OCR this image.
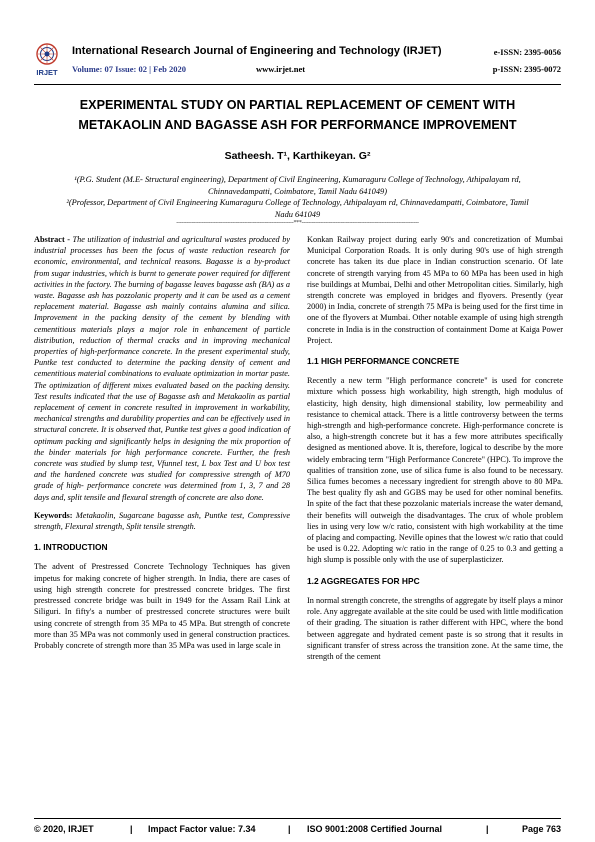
IRJET
International Research Journal of Engineering and Technology (IRJET)
Volume: 07 Issue: 02 | Feb 2020	www.irjet.net
e-ISSN: 2395-0056
p-ISSN: 2395-0072
EXPERIMENTAL STUDY ON PARTIAL REPLACEMENT OF CEMENT WITH
METAKAOLIN AND BAGASSE ASH FOR PERFORMANCE IMPROVEMENT
Satheesh. T¹, Karthikeyan. G²
¹(P.G. Student (M.E- Structural engineering), Department of Civil Engineering, Kumaraguru College of Technology, Athipalayam rd, Chinnavedampatti, Coimbatore, Tamil Nadu 641049)
²(Professor, Department of Civil Engineering Kumaraguru College of Technology, Athipalayam rd, Chinnavedampatti, Coimbatore, Tamil Nadu 641049
---------------------------------------------------------------------***---------------------------------------------------------------------

Abstract - The utilization of industrial and agricultural wastes produced by industrial processes has been the focus of waste reduction research for economic, environmental, and technical reasons. Bagasse is a by-product from sugar industries, which is burnt to generate power required for different activities in the factory. The burning of bagasse leaves bagasse ash (BA) as a waste. Bagasse ash has pozzolanic property and it can be used as a cement replacement material. Bagasse ash mainly contains alumina and silica. Improvement in the packing density of the cement by blending with cementitious materials plays a major role in enhancement of particle distribution, reduction of thermal cracks and in improving mechanical properties of high-performance concrete. In the present experimental study, Puntke test conducted to determine the packing density of cement and cementitious material combinations to evaluate optimization in mortar paste. The optimization of different mixes evaluated based on the packing density. Test results indicated that the use of Bagasse ash and Metakaolin as partial replacement of cement in concrete resulted in improvement in workability, mechanical strengths and durability properties and can be effectively used in structural concrete. It is observed that, Puntke test gives a good indication of optimum packing and significantly helps in designing the mix proportion of the binder materials for high performance concrete. Further, the fresh concrete was studied by slump test, Vfunnel test, L box Test and U box test and the hardened concrete was studied for compressive strength of M70 grade of high- performance concrete was determined from 1, 3, 7 and 28 days and, split tensile and flexural strength of concrete are also done.

Keywords: Metakaolin, Sugarcane bagasse ash, Puntke test, Compressive strength, Flexural strength, Split tensile strength.

1. INTRODUCTION

The advent of Prestressed Concrete Technology Techniques has given impetus for making concrete of higher strength. In India, there are cases of using high strength concrete for prestressed concrete bridges. The first prestressed concrete bridge was built in 1949 for the Assam Rail Link at Siliguri. In fifty's a number of prestressed concrete structures were built using concrete of strength from 35 MPa to 45 MPa. But strength of concrete more than 35 MPa was not commonly used in general construction practices. Probably concrete of strength more than 35 MPa was used in large scale in

Konkan Railway project during early 90's and concretization of Mumbai Municipal Corporation Roads. It is only during 90's use of high strength concrete has taken its due place in Indian construction scenario. Of late concrete of strength varying from 45 MPa to 60 MPa has been used in high rise buildings at Mumbai, Delhi and other Metropolitan cities. Similarly, high strength concrete was employed in bridges and flyovers. Presently (year 2000) in India, concrete of strength 75 MPa is being used for the first time in one of the flyovers at Mumbai. Other notable example of using high strength concrete in India is in the construction of containment Dome at Kaiga Power Project.

1.1 HIGH PERFORMANCE CONCRETE

Recently a new term "High performance concrete" is used for concrete mixture which possess high workability, high strength, high modulus of elasticity, high density, high dimensional stability, low permeability and resistance to chemical attack. There is a little controversy between the terms high-strength and high-performance concrete. High-performance concrete is also, a high-strength concrete but it has a few more attributes specifically designed as mentioned above. It is, therefore, logical to describe by the more widely embracing term "High Performance Concrete" (HPC). To improve the qualities of transition zone, use of silica fume is also found to be necessary. Silica fumes becomes a necessary ingredient for strength above to 80 MPa. The best quality fly ash and GGBS may be used for other nominal benefits. In spite of the fact that these pozzolanic materials increase the water demand, their benefits will outweigh the disadvantages. The crux of whole problem lies in using very low w/c ratio, consistent with high workability at the time of placing and compacting. Neville opines that the lowest w/c ratio that could be used is 0.22. Adopting w/c ratio in the range of 0.25 to 0.3 and getting a high slump is possible only with the use of superplasticizer.

1.2 AGGREGATES FOR HPC

In normal strength concrete, the strengths of aggregate by itself plays a minor role. Any aggregate available at the site could be used with little modification of their grading. The situation is rather different with HPC, where the bond between aggregate and hydrated cement paste is so strong that it results in significant transfer of stress across the transition zone. At the same time, the strength of the cement

© 2020, IRJET	| Impact Factor value: 7.34	| ISO 9001:2008 Certified Journal	|	Page 763
